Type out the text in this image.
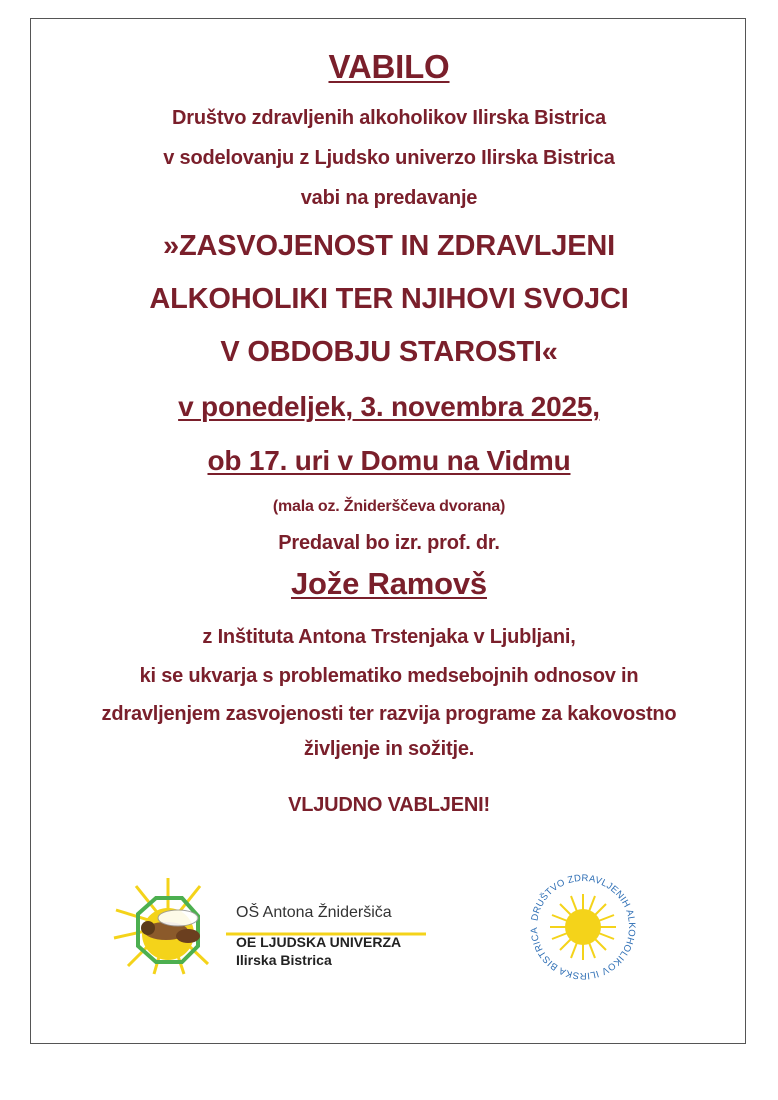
VABILO
Društvo zdravljenih alkoholikov Ilirska Bistrica
v sodelovanju z Ljudsko univerzo Ilirska Bistrica
vabi na predavanje
»ZASVOJENOST IN ZDRAVLJENI
ALKOHOLIKI TER NJIHOVI SVOJCI
V OBDOBJU STAROSTI«
v ponedeljek, 3. novembra 2025,
ob 17. uri v Domu na Vidmu
(mala oz. Žniderščeva dvorana)
Predaval bo izr. prof. dr.
Jože Ramovš
z Inštituta Antona Trstenjaka v Ljubljani,
ki se ukvarja s problematiko medsebojnih odnosov in
zdravljenjem zasvojenosti ter razvija programe za kakovostno
življenje in sožitje.
VLJUDNO VABLJENI!
OŠ Antona Žnideršiča
OE LJUDSKA UNIVERZA
Ilirska Bistrica
DRUŠTVO ZDRAVLJENIH ALKOHOLIKOV ILIRSKA BISTRICA
